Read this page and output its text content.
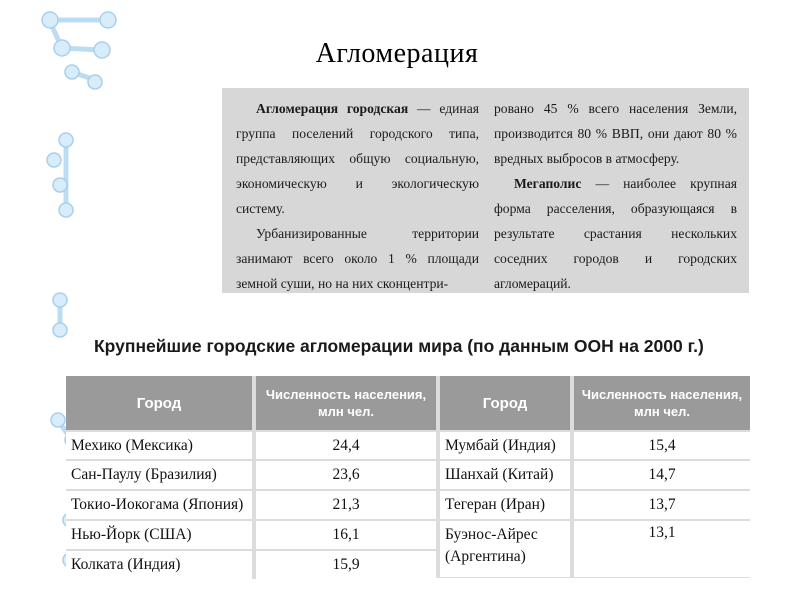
Агломерация

Агломерация городская — единая группа поселений городского типа, представляющих общую социальную, экономическую и экологическую систему.

Урбанизированные территории занимают всего около 1 % площади земной суши, но на них сконцентри-

ровано 45 % всего населения Земли, производится 80 % ВВП, они дают 80 % вредных выбросов в атмосферу.

Мегаполис — наиболее крупная форма расселения, образующаяся в результате срастания нескольких соседних городов и городских агломераций.

Крупнейшие городские агломерации мира (по данным ООН на 2000 г.)
Город	Численность населения, млн чел.
Мехико (Мексика)	24,4
Сан-Паулу (Бразилия)	23,6
Токио-Иокогама (Япония)	21,3
Нью-Йорк (США)	16,1
Колката (Индия)	15,9
Город	Численность населения, млн чел.
Мумбай (Индия)	15,4
Шанхай (Китай)	14,7
Тегеран (Иран)	13,7
Буэнос-Айрес (Аргентина)
13,1
